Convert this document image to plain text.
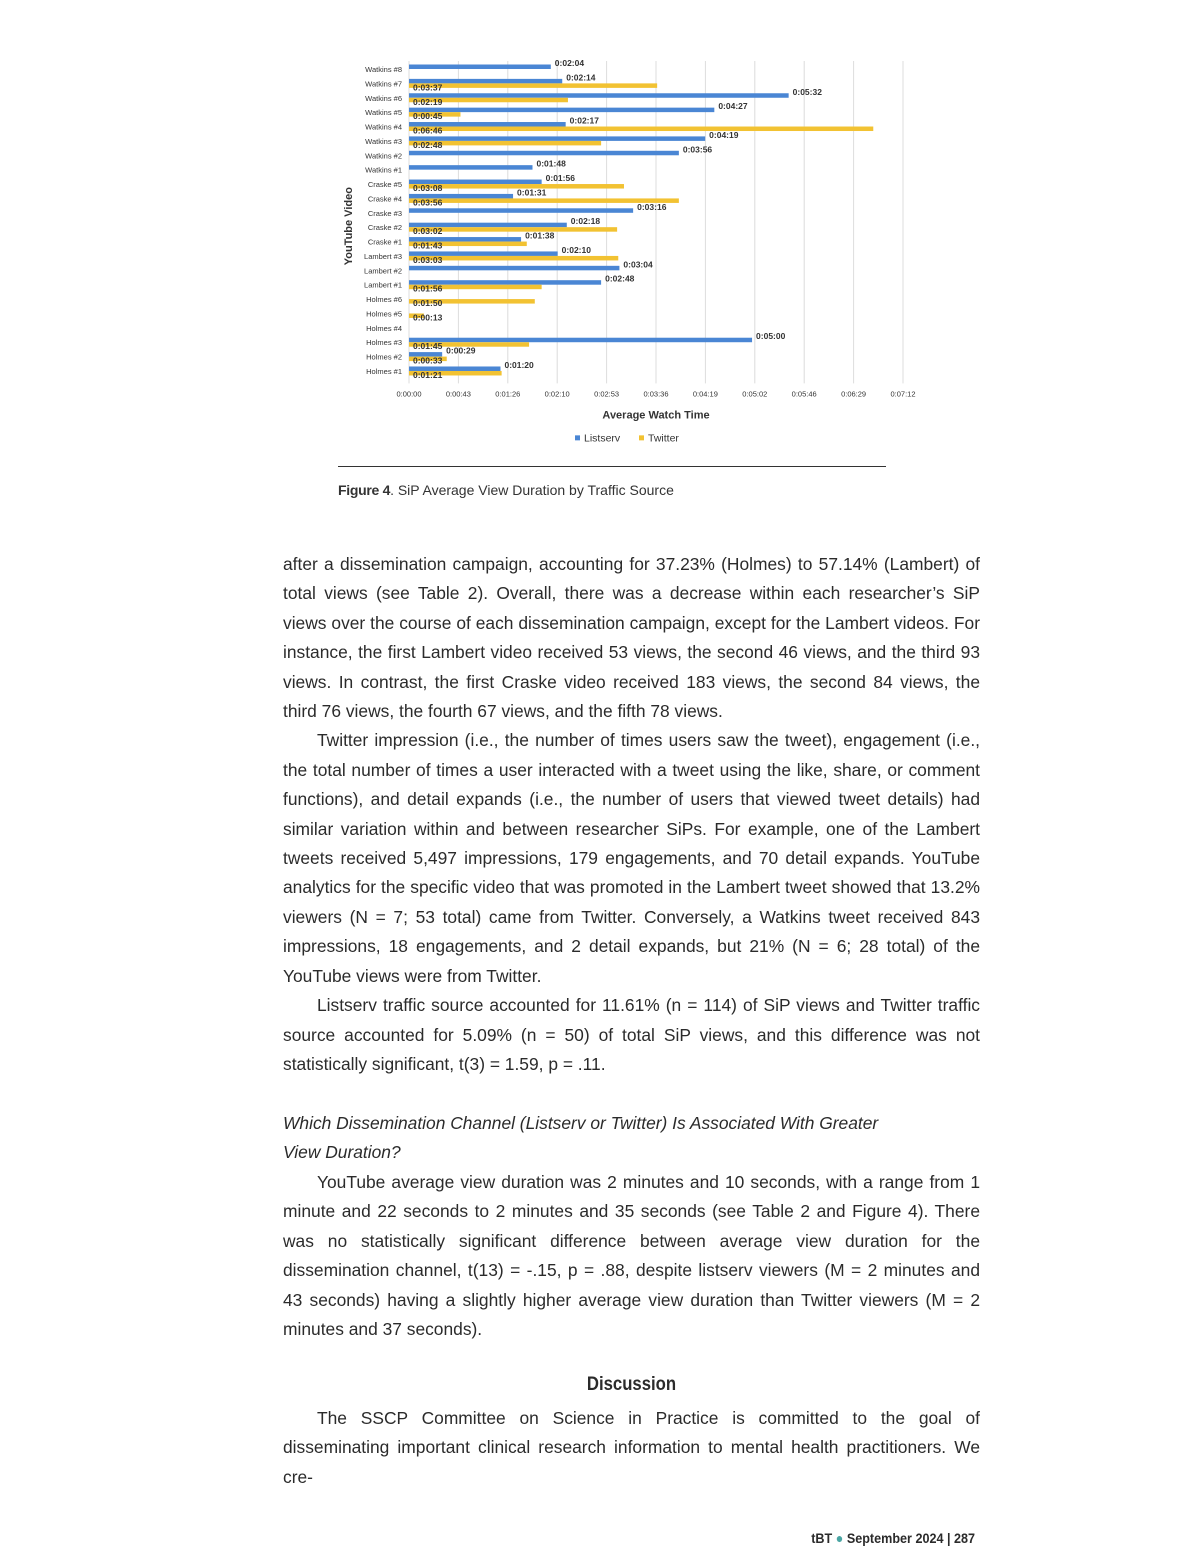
0:00:00	0:00:43	0:01:26	0:02:10	0:02:53	0:03:36	0:04:19	0:05:02	0:05:46	0:06:29	0:07:12
Watkins #8
0:02:04
Watkins #7
0:02:14
0:03:37
Watkins #6
0:05:32
0:02:19
Watkins #5
0:04:27
0:00:45
Watkins #4
0:02:17
0:06:46
Watkins #3
0:04:19
0:02:48
Watkins #2
0:03:56
Watkins #1
0:01:48
Craske #5
0:01:56
0:03:08
Craske #4
0:01:31
0:03:56
Craske #3
0:03:16
Craske #2
0:02:18
0:03:02
Craske #1
0:01:38
0:01:43
Lambert #3
0:02:10
0:03:03
Lambert #2
0:03:04
Lambert #1
0:02:48
0:01:56
Holmes #6 0:01:50
Holmes #5 0:00:13
Holmes #4
Holmes #3
0:05:00
0:01:45
Holmes #2
0:00:29
0:00:33
Holmes #1
0:01:20
0:01:21
YouTube Video
Average Watch Time
Listserv	Twitter
Figure 4. SiP Average View Duration by Traffic Source

after a dissemination campaign, accounting for 37.23% (Holmes) to 57.14% (Lambert) of total views (see Table 2). Overall, there was a decrease within each researcher’s SiP views over the course of each dissemination campaign, except for the Lambert videos. For instance, the first Lambert video received 53 views, the second 46 views, and the third 93 views. In contrast, the first Craske video received 183 views, the second 84 views, the third 76 views, the fourth 67 views, and the fifth 78 views.

Twitter impression (i.e., the number of times users saw the tweet), engagement (i.e., the total number of times a user interacted with a tweet using the like, share, or comment functions), and detail expands (i.e., the number of users that viewed tweet details) had similar variation within and between researcher SiPs. For example, one of the Lambert tweets received 5,497 impressions, 179 engagements, and 70 detail expands. YouTube analytics for the specific video that was promoted in the Lambert tweet showed that 13.2% viewers (N = 7; 53 total) came from Twitter. Conversely, a Watkins tweet received 843 impressions, 18 engagements, and 2 detail expands, but 21% (N = 6; 28 total) of the YouTube views were from Twitter.

Listserv traffic source accounted for 11.61% (n = 114) of SiP views and Twitter traffic source accounted for 5.09% (n = 50) of total SiP views, and this difference was not statistically significant, t(3) = 1.59, p = .11.

Which Dissemination Channel (Listserv or Twitter) Is Associated With Greater
View Duration?

YouTube average view duration was 2 minutes and 10 seconds, with a range from 1 minute and 22 seconds to 2 minutes and 35 seconds (see Table 2 and Figure 4). There was no statistically significant difference between average view duration for the dissemination channel, t(13) = -.15, p = .88, despite listserv viewers (M = 2 minutes and 43 seconds) having a slightly higher average view duration than Twitter viewers (M = 2 minutes and 37 seconds).

Discussion

The SSCP Committee on Science in Practice is committed to the goal of disseminating important clinical research information to mental health practitioners. We cre-

tBT ● September 2024 | 287
